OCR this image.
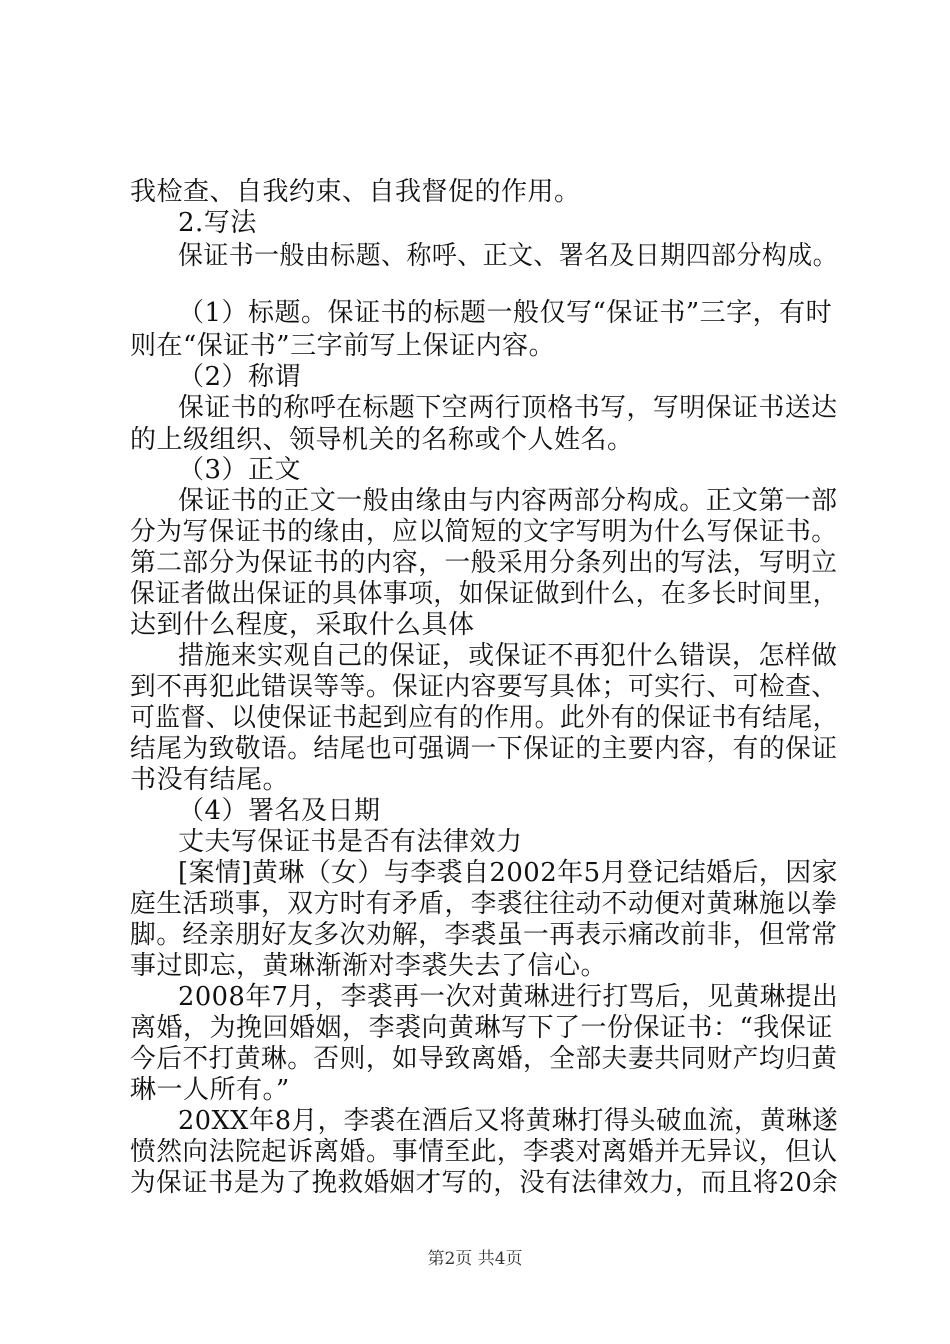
我检查、自我约束、自我督促的作用。
2.写法
保证书一般由标题、称呼、正文、署名及日期四部分构成。
（1）标题。保证书的标题一般仅写“保证书”三字，有时
则在“保证书”三字前写上保证内容。
（2）称谓
保证书的称呼在标题下空两行顶格书写，写明保证书送达
的上级组织、领导机关的名称或个人姓名。
（3）正文
保证书的正文一般由缘由与内容两部分构成。正文第一部
分为写保证书的缘由，应以简短的文字写明为什么写保证书。
第二部分为保证书的内容，一般采用分条列出的写法，写明立
保证者做出保证的具体事项，如保证做到什么，在多长时间里，
达到什么程度，采取什么具体
措施来实观自己的保证，或保证不再犯什么错误，怎样做
到不再犯此错误等等。保证内容要写具体；可实行、可检查、
可监督、以使保证书起到应有的作用。此外有的保证书有结尾，
结尾为致敬语。结尾也可强调一下保证的主要内容，有的保证
书没有结尾。
（4）署名及日期
丈夫写保证书是否有法律效力
[案情]黄琳（女）与李裘自2002年5月登记结婚后，因家
庭生活琐事，双方时有矛盾，李裘往往动不动便对黄琳施以拳
脚。经亲朋好友多次劝解，李裘虽一再表示痛改前非，但常常
事过即忘，黄琳渐渐对李裘失去了信心。
2008年7月，李裘再一次对黄琳进行打骂后，见黄琳提出
离婚，为挽回婚姻，李裘向黄琳写下了一份保证书：“我保证
今后不打黄琳。否则，如导致离婚，全部夫妻共同财产均归黄
琳一人所有。”
20XX年8月，李裘在酒后又将黄琳打得头破血流，黄琳遂
愤然向法院起诉离婚。事情至此，李裘对离婚并无异议，但认
为保证书是为了挽救婚姻才写的，没有法律效力，而且将20余
第2页 共4页
